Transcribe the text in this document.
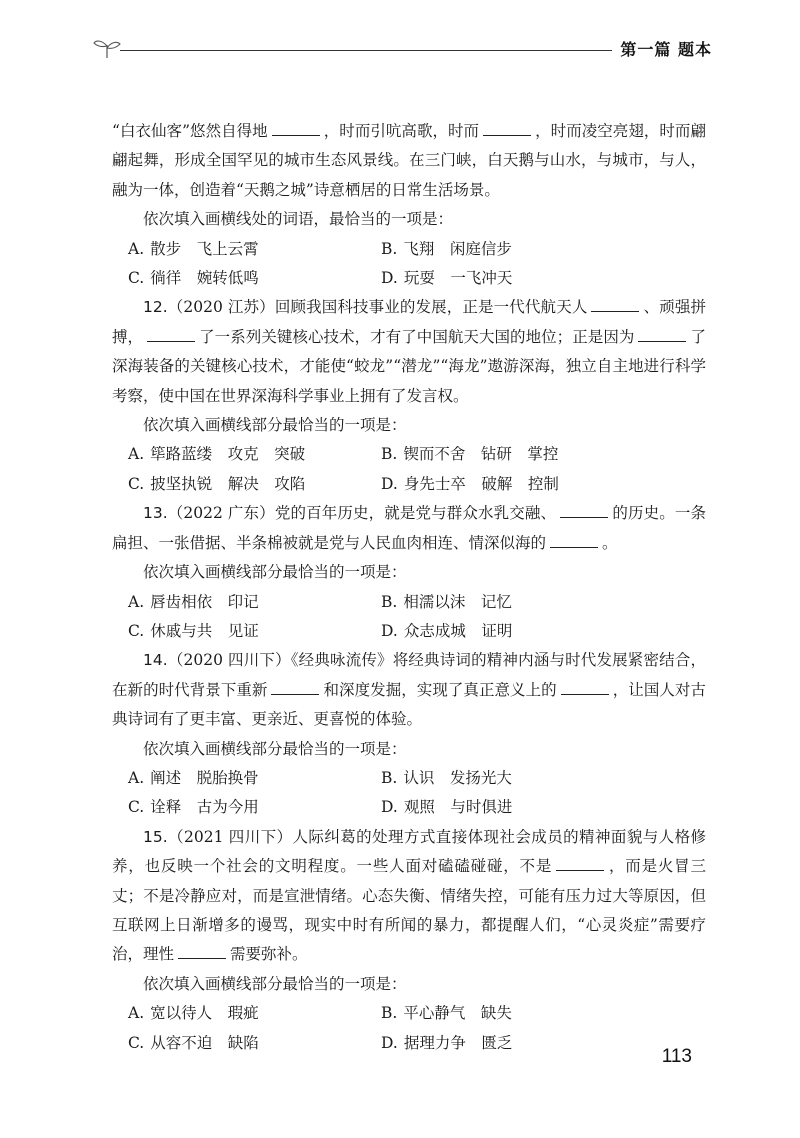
第一篇 题本

“白衣仙客”悠然自得地	，时而引吭高歌，时而	，时而凌空亮翅，时而翩翩起舞，形成全国罕见的城市生态风景线。在三门峡，白天鹅与山水，与城市，与人，融为一体，创造着“天鹅之城”诗意栖居的日常生活场景。

依次填入画横线处的词语，最恰当的一项是：

A. 散步　飞上云霄	B. 飞翔　闲庭信步
C. 徜徉　婉转低鸣	D. 玩耍　一飞冲天

12.（2020 江苏）回顾我国科技事业的发展，正是一代代航天人	、顽强拼搏，	了一系列关键核心技术，才有了中国航天大国的地位；正是因为	了深海装备的关键核心技术，才能使“蛟龙”“潜龙”“海龙”遨游深海，独立自主地进行科学考察，使中国在世界深海科学事业上拥有了发言权。

依次填入画横线部分最恰当的一项是：

A. 筚路蓝缕　攻克　突破	B. 锲而不舍　钻研　掌控
C. 披坚执锐　解决　攻陷	D. 身先士卒　破解　控制

13.（2022 广东）党的百年历史，就是党与群众水乳交融、	的历史。一条扁担、一张借据、半条棉被就是党与人民血肉相连、情深似海的	。

依次填入画横线部分最恰当的一项是：

A. 唇齿相依　印记	B. 相濡以沫　记忆
C. 休戚与共　见证	D. 众志成城　证明

14.（2020 四川下）《经典咏流传》将经典诗词的精神内涵与时代发展紧密结合，在新的时代背景下重新	和深度发掘，实现了真正意义上的	，让国人对古典诗词有了更丰富、更亲近、更喜悦的体验。

依次填入画横线部分最恰当的一项是：

A. 阐述　脱胎换骨	B. 认识　发扬光大
C. 诠释　古为今用	D. 观照　与时俱进

15.（2021 四川下）人际纠葛的处理方式直接体现社会成员的精神面貌与人格修养，也反映一个社会的文明程度。一些人面对磕磕碰碰，不是	，而是火冒三丈；不是冷静应对，而是宣泄情绪。心态失衡、情绪失控，可能有压力过大等原因，但互联网上日渐增多的谩骂，现实中时有所闻的暴力，都提醒人们，“心灵炎症”需要疗治，理性	需要弥补。

依次填入画横线部分最恰当的一项是：

A. 宽以待人　瑕疵	B. 平心静气　缺失
C. 从容不迫　缺陷	D. 据理力争　匮乏
113
